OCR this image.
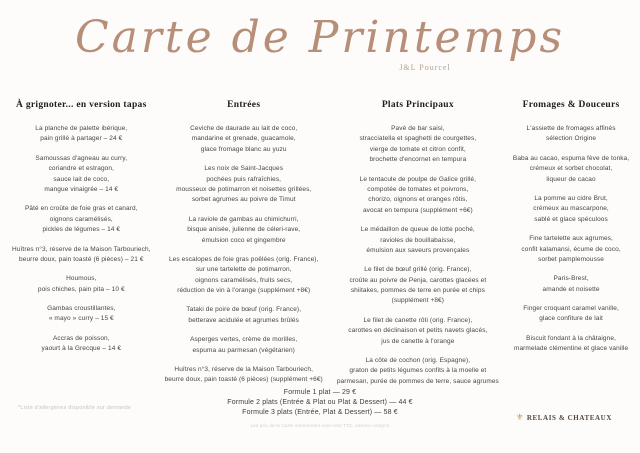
Carte de Printemps
J&L Pourcel
À grignoter... en version tapas
La planche de palette ibérique,
pain grillé à partager – 24 €
Samoussas d'agneau au curry,
coriandre et estragon,
sauce lait de coco,
mangue vinaigrée – 14 €
Pâté en croûte de foie gras et canard,
oignons caramélisés,
pickles de légumes – 14 €
Huîtres n°3, réserve de la Maison Tarbouriech,
beurre doux, pain toasté (6 pièces) – 21 €
Houmous,
pois chiches, pain pita – 10 €
Gambas croustillantes,
« mayo » curry – 15 €
Accras de poisson,
yaourt à la Grecque – 14 €
Entrées
Ceviche de daurade au lait de coco,
mandarine et grenade, guacamole,
glace fromage blanc au yuzu
Les noix de Saint-Jacques
pochées puis rafraîchies,
mousseux de potimarron et noisettes grillées,
sorbet agrumes au poivre de Timut
La raviole de gambas au chimichurri,
bisque anisée, julienne de céleri-rave,
émulsion coco et gingembre
Les escalopes de foie gras poêlées (orig. France),
sur une tartelette de potimarron,
oignons caramélisés, fruits secs,
réduction de vin à l'orange (supplément +8€)
Tataki de poire de bœuf (orig. France),
betterave acidulée et agrumes brûlés
Asperges vertes, crème de morilles,
espuma au parmesan (végétarien)
Huîtres n°3, réserve de la Maison Tarbouriech,
beurre doux, pain toasté (6 pièces) (supplément +6€)
Plats Principaux
Pavé de bar saisi,
stracciatella et spaghetti de courgettes,
vierge de tomate et citron confit,
brochette d'encornet en tempura
Le tentacule de poulpe de Galice grillé,
compotée de tomates et poivrons,
chorizo, oignons et oranges rôtis,
avocat en tempura (supplément +6€)
Le médaillon de queue de lotte poché,
ravioles de bouillabaisse,
émulsion aux saveurs provençales
Le filet de bœuf grillé (orig. France),
croûte au poivre de Penja, carottes glacées et
shiitakes, pommes de terre en purée et chips
(supplément +8€)
Le filet de canette rôti (orig. France),
carottes en déclinaison et petits navets glacés,
jus de canette à l'orange
La côte de cochon (orig. Espagne),
graton de petits légumes confits à la moelle et
parmesan, purée de pommes de terre, sauce agrumes
Fromages & Douceurs
L'assiette de fromages affinés
sélection Origine
Baba au cacao, espuma fève de tonka,
crémeux et sorbet chocolat,
liqueur de cacao
La pomme au cidre Brut,
crémeux au mascarpone,
sablé et glace spéculoos
Fine tartelette aux agrumes,
confit kalamansi, écume de coco,
sorbet pamplemousse
Paris-Brest,
amande et noisette
Finger croquant caramel vanille,
glace confiture de lait
Biscuit fondant à la châtaigne,
marmelade clémentine et glace vanille
Formule 1 plat — 29 €
Formule 2 plats (Entrée & Plat ou Plat & Dessert) — 44 €
Formule 3 plats (Entrée, Plat & Dessert) — 58 €
*Liste d'allergènes disponible sur demande
Les prix de la Carte mentionnés sont nets TTC, service compris
⚜ RELAIS & CHATEAUX
